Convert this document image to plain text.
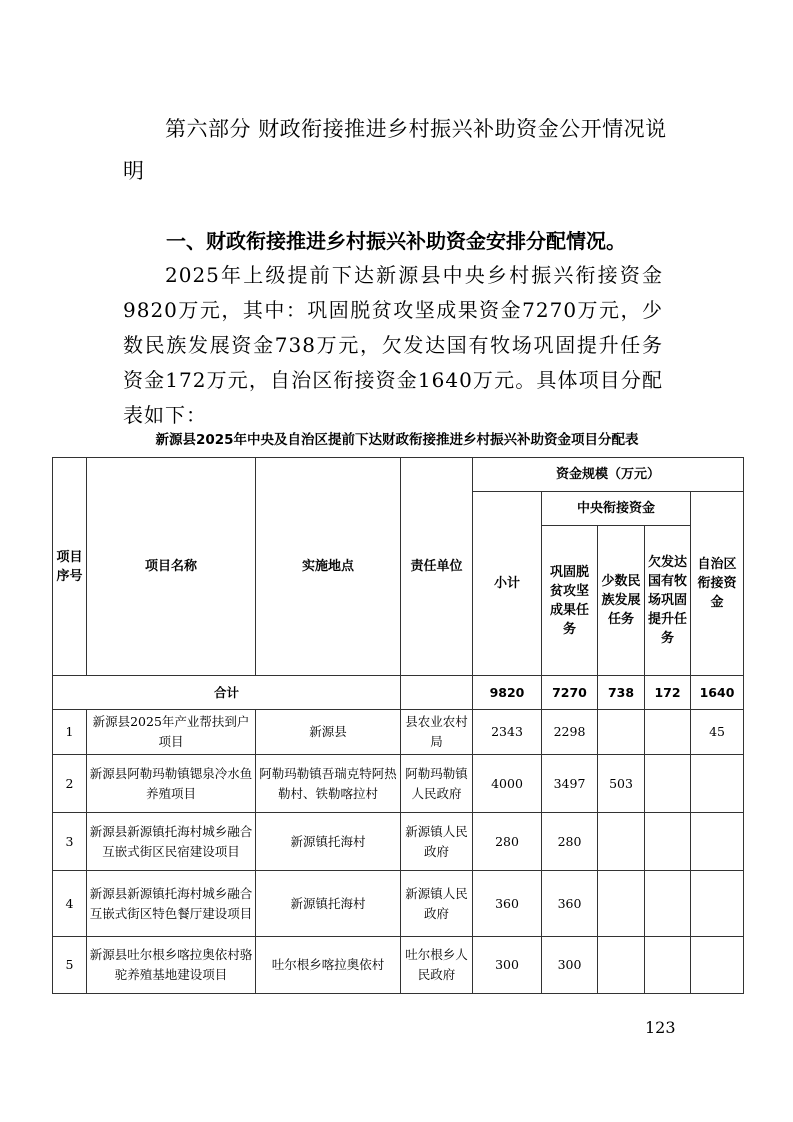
第六部分 财政衔接推进乡村振兴补助资金公开情况说明
一、财政衔接推进乡村振兴补助资金安排分配情况。
2025年上级提前下达新源县中央乡村振兴衔接资金9820万元，其中：巩固脱贫攻坚成果资金7270万元，少数民族发展资金738万元，欠发达国有牧场巩固提升任务资金172万元，自治区衔接资金1640万元。具体项目分配表如下：
新源县2025年中央及自治区提前下达财政衔接推进乡村振兴补助资金项目分配表
项目序号	项目名称	实施地点	责任单位	资金规模（万元）				
				小计	中央衔接资金			自治区衔接资金
					巩固脱贫攻坚成果任务	少数民族发展任务	欠发达国有牧场巩固提升任务	
合计				9820	7270	738	172	1640
1	新源县2025年产业帮扶到户项目	新源县	县农业农村局	2343	2298			45
2	新源县阿勒玛勒镇锶泉冷水鱼养殖项目	阿勒玛勒镇吾瑞克特阿热勒村、铁勒喀拉村	阿勒玛勒镇人民政府	4000	3497	503		
3	新源县新源镇托海村城乡融合互嵌式街区民宿建设项目	新源镇托海村	新源镇人民政府	280	280			
4	新源县新源镇托海村城乡融合互嵌式街区特色餐厅建设项目	新源镇托海村	新源镇人民政府	360	360			
5	新源县吐尔根乡喀拉奥依村骆驼养殖基地建设项目	吐尔根乡喀拉奥依村	吐尔根乡人民政府	300	300			
123
